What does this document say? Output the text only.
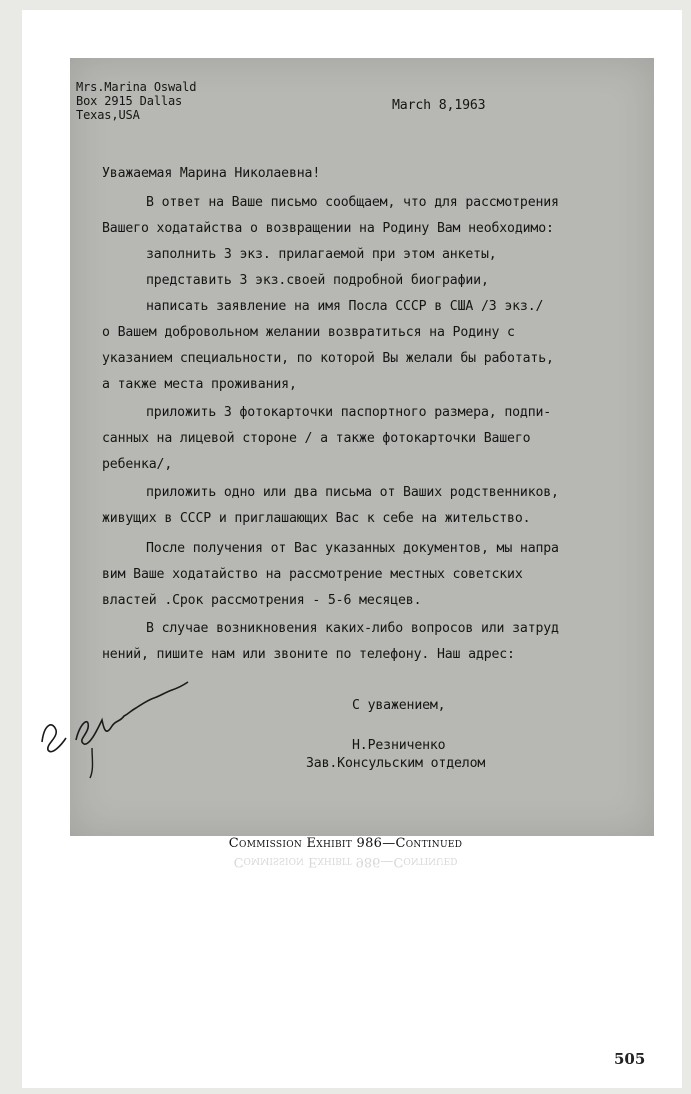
Mrs.Marina Oswald
Box 2915 Dallas
Texas,USA
March 8,1963
Уважаемая Марина Николаевна!
В ответ на Ваше письмо сообщаем, что для рассмотрения
Вашего ходатайства о возвращении на Родину Вам необходимо:
заполнить 3 экз. прилагаемой при этом анкеты,
представить 3 экз.своей подробной биографии,
написать заявление на имя Посла СССР в США /3 экз./
о Вашем добровольном желании возвратиться на Родину с
указанием специальности, по которой Вы желали бы работать,
а также места проживания,
приложить 3 фотокарточки паспортного размера, подпи-
санных на лицевой стороне / а также фотокарточки Вашего
ребенка/,
приложить одно или два письма от Ваших родственников,
живущих в СССР и приглашающих Вас к себе на жительство.
После получения от Вас указанных документов, мы напра
вим Ваше ходатайство на рассмотрение местных советских
властей .Срок рассмотрения - 5-6 месяцев.
В случае возникновения каких-либо вопросов или затруд
нений, пишите нам или звоните по телефону. Наш адрес:
С уважением,
Н.Резниченко
Зав.Консульским отделом
Commission Exhibit 986—Continued
Commission Exhibit 986—Continued
505
